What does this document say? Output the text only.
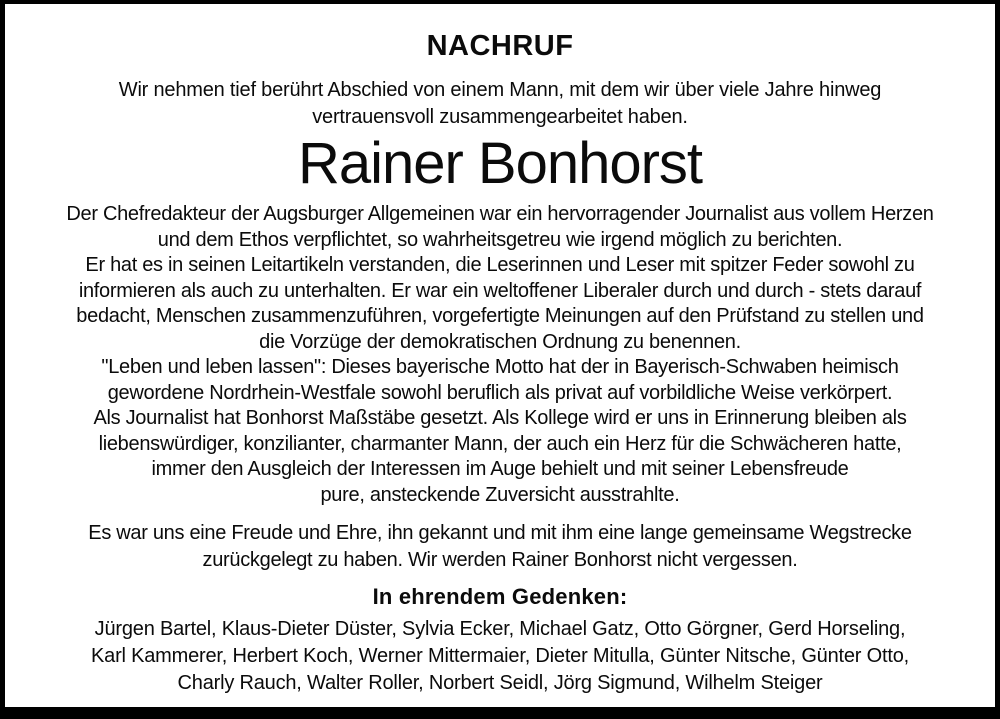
NACHRUF
Wir nehmen tief berührt Abschied von einem Mann, mit dem wir über viele Jahre hinweg
vertrauensvoll zusammengearbeitet haben.
Rainer Bonhorst
Der Chefredakteur der Augsburger Allgemeinen war ein hervorragender Journalist aus vollem Herzen
und dem Ethos verpflichtet, so wahrheitsgetreu wie irgend möglich zu berichten.
Er hat es in seinen Leitartikeln verstanden, die Leserinnen und Leser mit spitzer Feder sowohl zu
informieren als auch zu unterhalten. Er war ein weltoffener Liberaler durch und durch - stets darauf
bedacht, Menschen zusammenzuführen, vorgefertigte Meinungen auf den Prüfstand zu stellen und
die Vorzüge der demokratischen Ordnung zu benennen.
"Leben und leben lassen": Dieses bayerische Motto hat der in Bayerisch-Schwaben heimisch
gewordene Nordrhein-Westfale sowohl beruflich als privat auf vorbildliche Weise verkörpert.
Als Journalist hat Bonhorst Maßstäbe gesetzt. Als Kollege wird er uns in Erinnerung bleiben als
liebenswürdiger, konzilianter, charmanter Mann, der auch ein Herz für die Schwächeren hatte,
immer den Ausgleich der Interessen im Auge behielt und mit seiner Lebensfreude
pure, ansteckende Zuversicht ausstrahlte.
Es war uns eine Freude und Ehre, ihn gekannt und mit ihm eine lange gemeinsame Wegstrecke
zurückgelegt zu haben. Wir werden Rainer Bonhorst nicht vergessen.
In ehrendem Gedenken:
Jürgen Bartel, Klaus-Dieter Düster, Sylvia Ecker, Michael Gatz, Otto Görgner, Gerd Horseling,
Karl Kammerer, Herbert Koch, Werner Mittermaier, Dieter Mitulla, Günter Nitsche, Günter Otto,
Charly Rauch, Walter Roller, Norbert Seidl, Jörg Sigmund, Wilhelm Steiger
